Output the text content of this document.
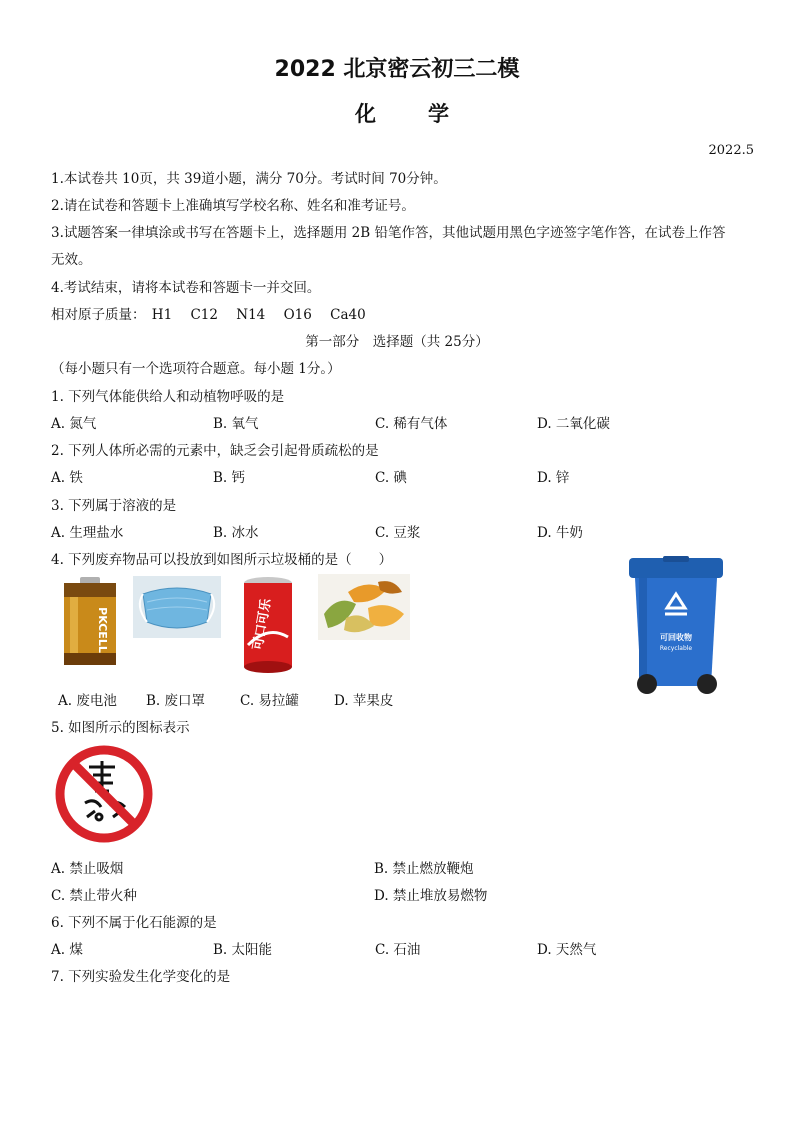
2022 北京密云初三二模
化 学
2022.5
1.本试卷共 10页，共 39道小题，满分 70分。考试时间 70分钟。
2.请在试卷和答题卡上准确填写学校名称、姓名和准考证号。
3.试题答案一律填涂或书写在答题卡上，选择题用 2B 铅笔作答，其他试题用黑色字迹签字笔作答，在试卷上作答
无效。
4.考试结束，请将本试卷和答题卡一并交回。
相对原子质量： H1 C12 N14 O16 Ca40
第一部分　选择题（共 25分）
（每小题只有一个选项符合题意。每小题 1分。）
1. 下列气体能供给人和动植物呼吸的是
A. 氮气	B. 氧气	C. 稀有气体	D. 二氧化碳
2. 下列人体所必需的元素中，缺乏会引起骨质疏松的是
A. 铁	B. 钙	C. 碘	D. 锌
3. 下列属于溶液的是
A. 生理盐水	B. 冰水	C. 豆浆	D. 牛奶
4. 下列废弃物品可以投放到如图所示垃圾桶的是（　　）
PKCELL	可口可乐	可回收物
Recyclable
A. 废电池 B. 废口罩	C. 易拉罐	D. 苹果皮
5. 如图所示的图标表示
A. 禁止吸烟	B. 禁止燃放鞭炮
C. 禁止带火种	D. 禁止堆放易燃物
6. 下列不属于化石能源的是
A. 煤	B. 太阳能	C. 石油	D. 天然气
7. 下列实验发生化学变化的是
